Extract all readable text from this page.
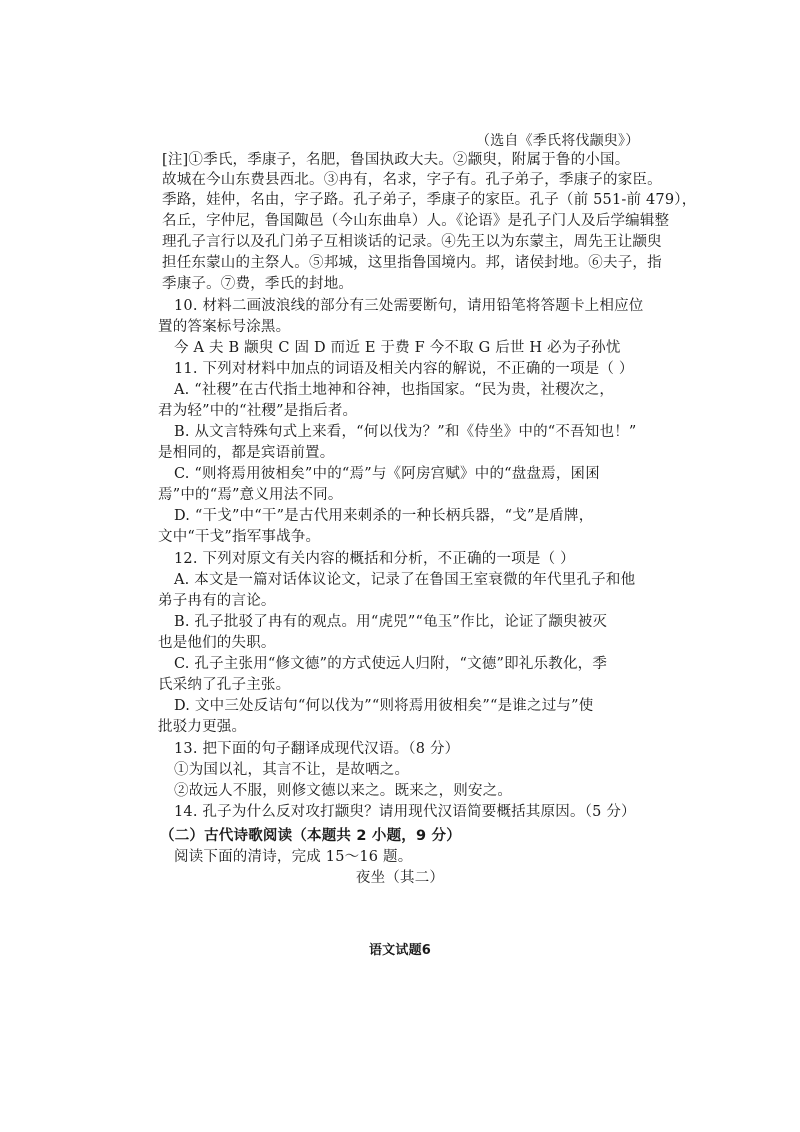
（选自《季氏将伐颛臾》）
[注]①季氏，季康子，名肥，鲁国执政大夫。②颛臾，附属于鲁的小国。
故城在今山东费县西北。③冉有，名求，字子有。孔子弟子，季康子的家臣。
季路，娃仲，名由，字子路。孔子弟子，季康子的家臣。孔子（前 551-前 479），
名丘，字仲尼，鲁国陬邑（今山东曲阜）人。《论语》是孔子门人及后学编辑整
理孔子言行以及孔门弟子互相谈话的记录。④先王以为东蒙主，周先王让颛臾
担任东蒙山的主祭人。⑤邦城，这里指鲁国境内。邦，诸侯封地。⑥夫子，指
季康子。⑦费，季氏的封地。
10. 材料二画波浪线的部分有三处需要断句，请用铅笔将答题卡上相应位
置的答案标号涂黑。
今 A 夫 B 颛臾 C 固 D 而近 E 于费 F 今不取 G 后世 H 必为子孙忧
11. 下列对材料中加点的词语及相关内容的解说，不正确的一项是（ ）
A. “社稷”在古代指土地神和谷神，也指国家。“民为贵，社稷次之，
君为轻”中的“社稷”是指后者。
B. 从文言特殊句式上来看，“何以伐为？”和《侍坐》中的“不吾知也！”
是相同的，都是宾语前置。
C. “则将焉用彼相矣”中的“焉”与《阿房宫赋》中的“盘盘焉，囷囷
焉”中的“焉”意义用法不同。
D. “干戈”中“干”是古代用来刺杀的一种长柄兵器，“戈”是盾牌，
文中“干戈”指军事战争。
12. 下列对原文有关内容的概括和分析，不正确的一项是（ ）
A. 本文是一篇对话体议论文，记录了在鲁国王室衰微的年代里孔子和他
弟子冉有的言论。
B. 孔子批驳了冉有的观点。用“虎兕”“龟玉”作比，论证了颛臾被灭
也是他们的失职。
C. 孔子主张用“修文德”的方式使远人归附，“文德”即礼乐教化，季
氏采纳了孔子主张。
D. 文中三处反诘句“何以伐为”“则将焉用彼相矣”“是谁之过与”使
批驳力更强。
13. 把下面的句子翻译成现代汉语。（8 分）
①为国以礼，其言不让，是故哂之。
②故远人不服，则修文德以来之。既来之，则安之。
14. 孔子为什么反对攻打颛臾？请用现代汉语简要概括其原因。（5 分）
（二）古代诗歌阅读（本题共 2 小题，9 分）
阅读下面的清诗，完成 15～16 题。
夜坐（其二）
语文试题6
